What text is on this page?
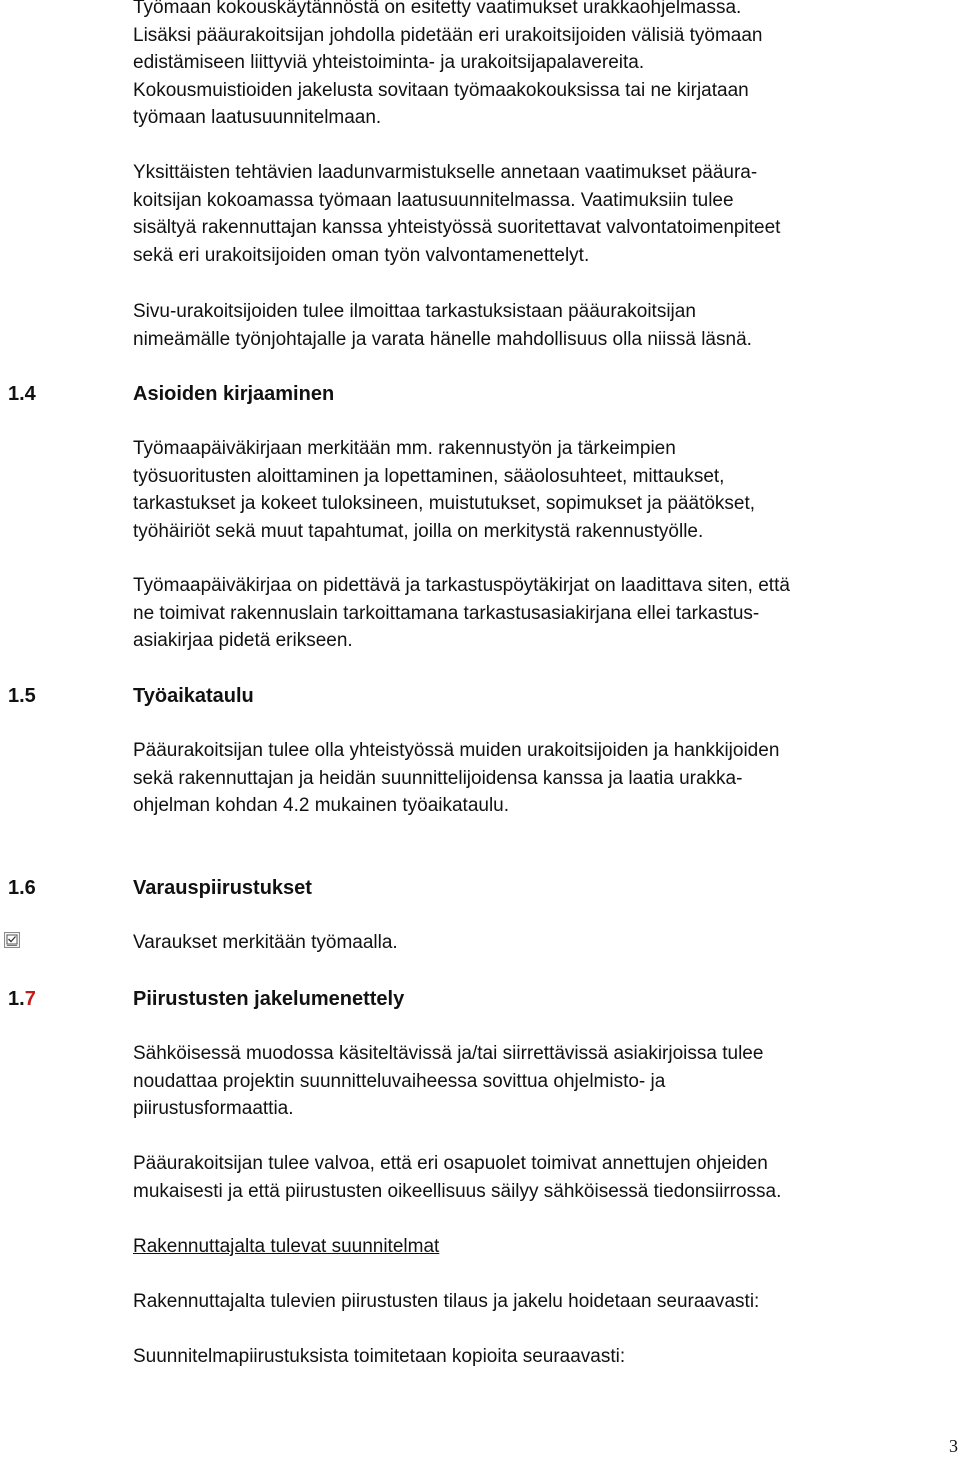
Työmaan kokouskäytännöstä on esitetty vaatimukset urakkaohjelmassa.
Lisäksi pääurakoitsijan johdolla pidetään eri urakoitsijoiden välisiä työmaan
edistämiseen liittyviä yhteistoiminta- ja urakoitsijapalavereita.
Kokousmuistioiden jakelusta sovitaan työmaakokouksissa tai ne kirjataan
työmaan laatusuunnitelmaan.

Yksittäisten tehtävien laadunvarmistukselle annetaan vaatimukset pääura-
koitsijan kokoamassa työmaan laatusuunnitelmassa. Vaatimuksiin tulee
sisältyä rakennuttajan kanssa yhteistyössä suoritettavat valvontatoimenpiteet
sekä eri urakoitsijoiden oman työn valvontamenettelyt.

Sivu-urakoitsijoiden tulee ilmoittaa tarkastuksistaan pääurakoitsijan
nimeämälle työnjohtajalle ja varata hänelle mahdollisuus olla niissä läsnä.

1.4	Asioiden kirjaaminen

Työmaapäiväkirjaan merkitään mm. rakennustyön ja tärkeimpien
työsuoritusten aloittaminen ja lopettaminen, sääolosuhteet, mittaukset,
tarkastukset ja kokeet tuloksineen, muistutukset, sopimukset ja päätökset,
työhäiriöt sekä muut tapahtumat, joilla on merkitystä rakennustyölle.

Työmaapäiväkirjaa on pidettävä ja tarkastuspöytäkirjat on laadittava siten, että
ne toimivat rakennuslain tarkoittamana tarkastusasiakirjana ellei tarkastus-
asiakirjaa pidetä erikseen.

1.5	Työaikataulu

Pääurakoitsijan tulee olla yhteistyössä muiden urakoitsijoiden ja hankkijoiden
sekä rakennuttajan ja heidän suunnittelijoidensa kanssa ja laatia urakka-
ohjelman kohdan 4.2 mukainen työaikataulu.

1.6	Varauspiirustukset

Varaukset merkitään työmaalla.

1.7	Piirustusten jakelumenettely

Sähköisessä muodossa käsiteltävissä ja/tai siirrettävissä asiakirjoissa tulee
noudattaa projektin suunnitteluvaiheessa sovittua ohjelmisto- ja
piirustusformaattia.

Pääurakoitsijan tulee valvoa, että eri osapuolet toimivat annettujen ohjeiden
mukaisesti ja että piirustusten oikeellisuus säilyy sähköisessä tiedonsiirrossa.

Rakennuttajalta tulevat suunnitelmat

Rakennuttajalta tulevien piirustusten tilaus ja jakelu hoidetaan seuraavasti:

Suunnitelmapiirustuksista toimitetaan kopioita seuraavasti:

3
